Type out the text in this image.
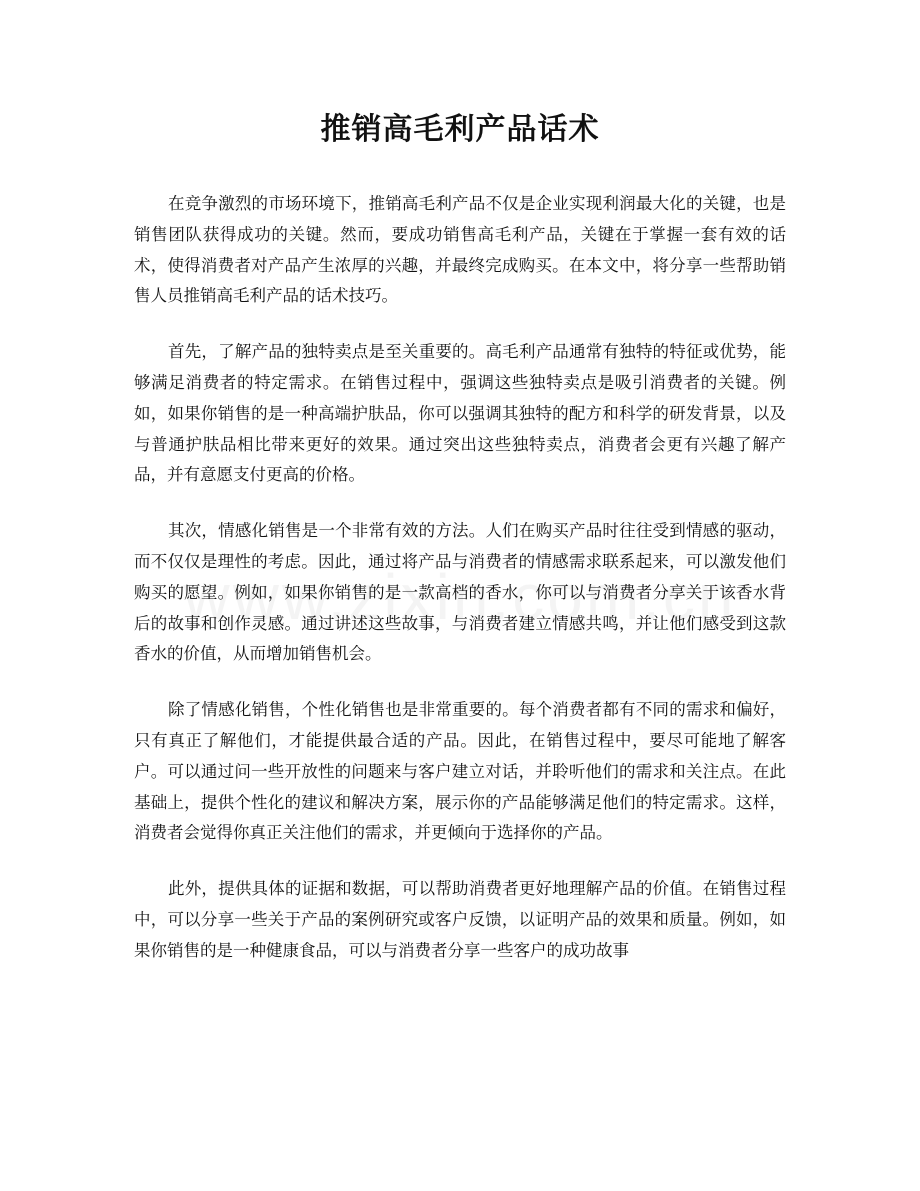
推销高毛利产品话术

在竞争激烈的市场环境下，推销高毛利产品不仅是企业实现利润最大化的关键，也是销售团队获得成功的关键。然而，要成功销售高毛利产品，关键在于掌握一套有效的话术，使得消费者对产品产生浓厚的兴趣，并最终完成购买。在本文中，将分享一些帮助销售人员推销高毛利产品的话术技巧。

首先，了解产品的独特卖点是至关重要的。高毛利产品通常有独特的特征或优势，能够满足消费者的特定需求。在销售过程中，强调这些独特卖点是吸引消费者的关键。例如，如果你销售的是一种高端护肤品，你可以强调其独特的配方和科学的研发背景，以及与普通护肤品相比带来更好的效果。通过突出这些独特卖点，消费者会更有兴趣了解产品，并有意愿支付更高的价格。

其次，情感化销售是一个非常有效的方法。人们在购买产品时往往受到情感的驱动，而不仅仅是理性的考虑。因此，通过将产品与消费者的情感需求联系起来，可以激发他们购买的愿望。例如，如果你销售的是一款高档的香水，你可以与消费者分享关于该香水背后的故事和创作灵感。通过讲述这些故事，与消费者建立情感共鸣，并让他们感受到这款香水的价值，从而增加销售机会。

除了情感化销售，个性化销售也是非常重要的。每个消费者都有不同的需求和偏好，只有真正了解他们，才能提供最合适的产品。因此，在销售过程中，要尽可能地了解客户。可以通过问一些开放性的问题来与客户建立对话，并聆听他们的需求和关注点。在此基础上，提供个性化的建议和解决方案，展示你的产品能够满足他们的特定需求。这样，消费者会觉得你真正关注他们的需求，并更倾向于选择你的产品。

此外，提供具体的证据和数据，可以帮助消费者更好地理解产品的价值。在销售过程中，可以分享一些关于产品的案例研究或客户反馈，以证明产品的效果和质量。例如，如果你销售的是一种健康食品，可以与消费者分享一些客户的成功故事
